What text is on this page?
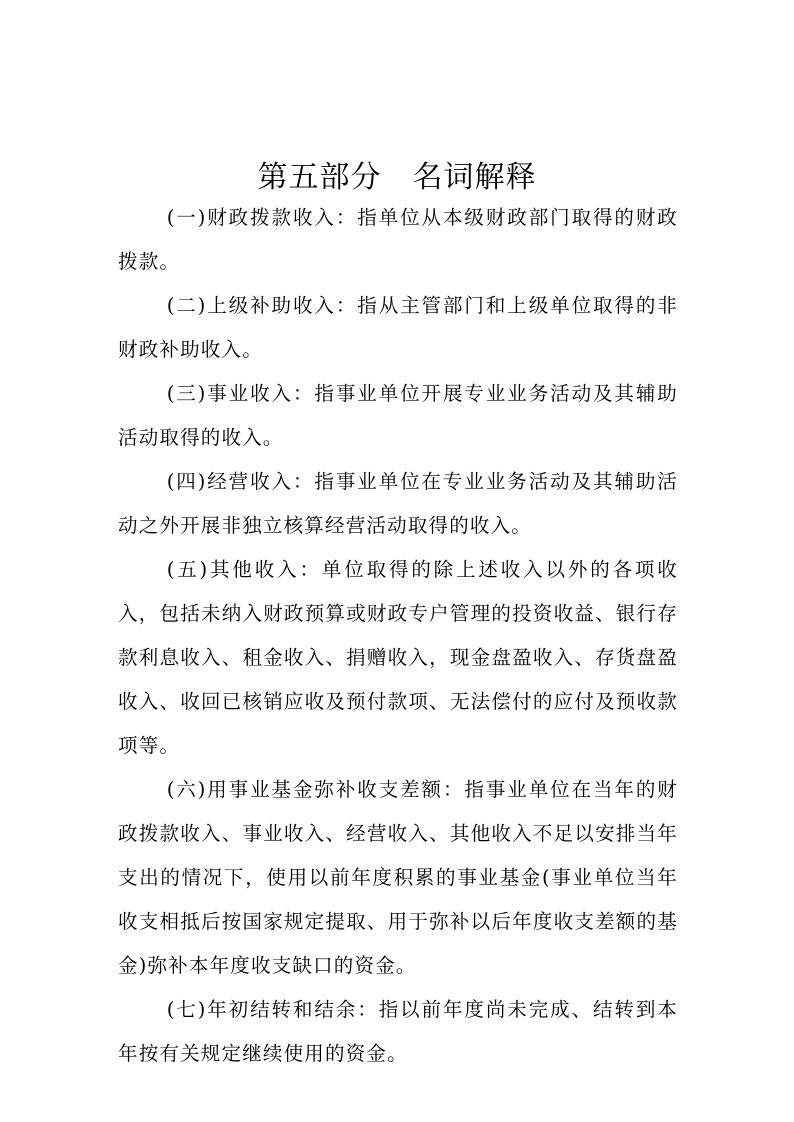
第五部分　名词解释

(一)财政拨款收入：指单位从本级财政部门取得的财政拨款。

(二)上级补助收入：指从主管部门和上级单位取得的非财政补助收入。

(三)事业收入：指事业单位开展专业业务活动及其辅助活动取得的收入。

(四)经营收入：指事业单位在专业业务活动及其辅助活动之外开展非独立核算经营活动取得的收入。

(五)其他收入：单位取得的除上述收入以外的各项收入，包括未纳入财政预算或财政专户管理的投资收益、银行存款利息收入、租金收入、捐赠收入，现金盘盈收入、存货盘盈收入、收回已核销应收及预付款项、无法偿付的应付及预收款项等。

(六)用事业基金弥补收支差额：指事业单位在当年的财政拨款收入、事业收入、经营收入、其他收入不足以安排当年支出的情况下，使用以前年度积累的事业基金(事业单位当年收支相抵后按国家规定提取、用于弥补以后年度收支差额的基金)弥补本年度收支缺口的资金。

(七)年初结转和结余：指以前年度尚未完成、结转到本年按有关规定继续使用的资金。
